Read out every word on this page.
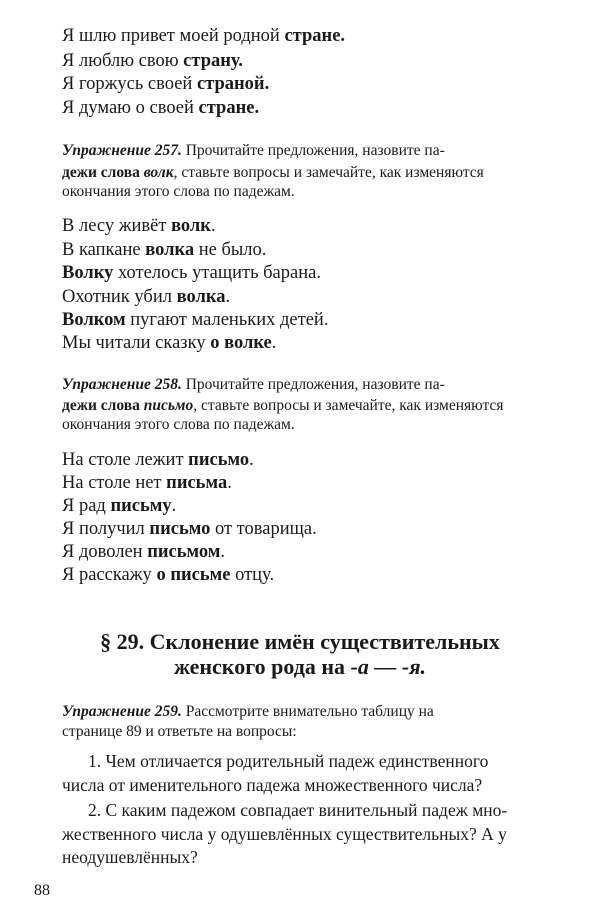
Я шлю привет моей родной стране.
Я люблю свою страну.
Я горжусь своей страной.
Я думаю о своей стране.
Упражнение 257. Прочитайте предложения, назовите па-
дежи слова волк, ставьте вопросы и замечайте, как изменяются
окончания этого слова по падежам.
В лесу живёт волк.
В капкане волка не было.
Волку хотелось утащить барана.
Охотник убил волка.
Волком пугают маленьких детей.
Мы читали сказку о волке.
Упражнение 258. Прочитайте предложения, назовите па-
дежи слова письмо, ставьте вопросы и замечайте, как изменяются
окончания этого слова по падежам.
На столе лежит письмо.
На столе нет письма.
Я рад письму.
Я получил письмо от товарища.
Я доволен письмом.
Я расскажу о письме отцу.
§ 29. Склонение имён существительных
женского рода на -а — -я.
Упражнение 259. Рассмотрите внимательно таблицу на
странице 89 и ответьте на вопросы:
1. Чем отличается родительный падеж единственного
числа от именительного падежа множественного числа?
2. С каким падежом совпадает винительный падеж мно-
жественного числа у одушевлённых существительных? А у
неодушевлённых?
88
